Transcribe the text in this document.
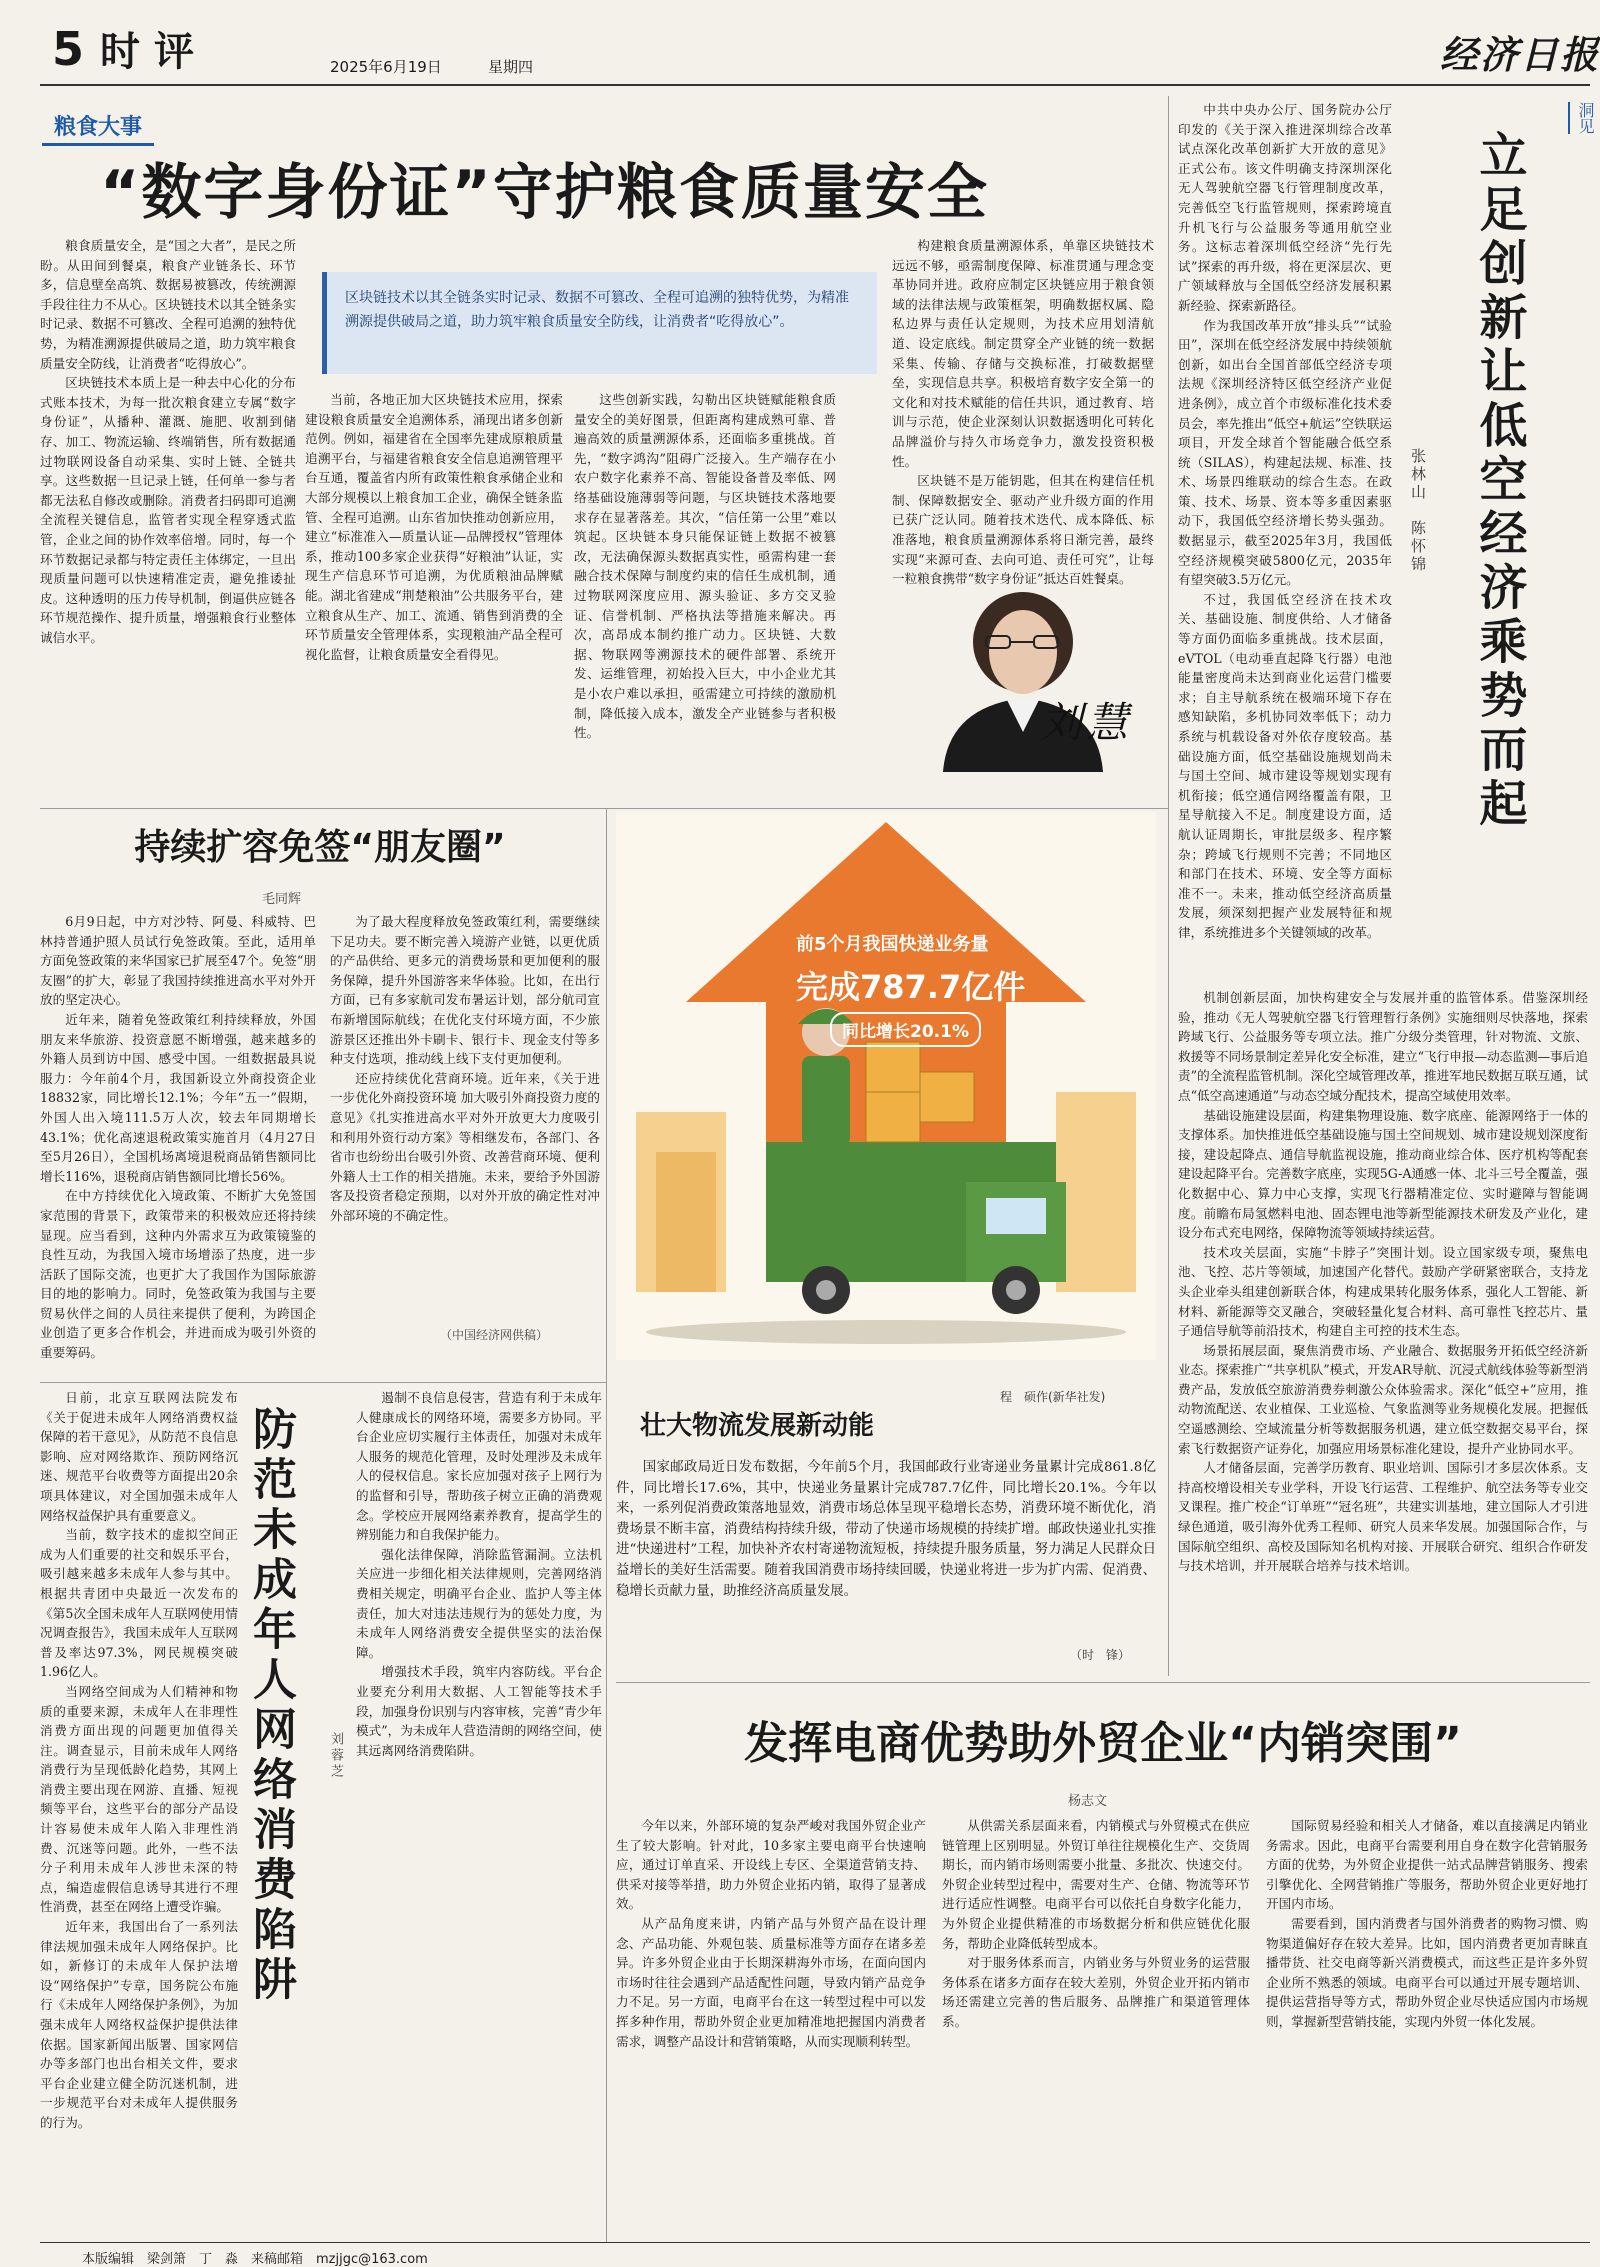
5 时评	2025年6月19日	星期四	经济日报
粮食大事
“数字身份证”守护粮食质量安全
区块链技术以其全链条实时记录、数据不可篡改、全程可追溯的独特优势，为精准溯源提供破局之道，助力筑牢粮食质量安全防线，让消费者“吃得放心”。

粮食质量安全，是“国之大者”，是民之所盼。从田间到餐桌，粮食产业链条长、环节多，信息壁垒高筑、数据易被篡改，传统溯源手段往往力不从心。区块链技术以其全链条实时记录、数据不可篡改、全程可追溯的独特优势，为精准溯源提供破局之道，助力筑牢粮食质量安全防线，让消费者“吃得放心”。

区块链技术本质上是一种去中心化的分布式账本技术，为每一批次粮食建立专属“数字身份证”，从播种、灌溉、施肥、收割到储存、加工、物流运输、终端销售，所有数据通过物联网设备自动采集、实时上链、全链共享。这些数据一旦记录上链，任何单一参与者都无法私自修改或删除。消费者扫码即可追溯全流程关键信息，监管者实现全程穿透式监管，企业之间的协作效率倍增。同时，每一个环节数据记录都与特定责任主体绑定，一旦出现质量问题可以快速精准定责，避免推诿扯皮。这种透明的压力传导机制，倒逼供应链各环节规范操作、提升质量，增强粮食行业整体诚信水平。

当前，各地正加大区块链技术应用，探索建设粮食质量安全追溯体系，涌现出诸多创新范例。例如，福建省在全国率先建成原粮质量追溯平台，与福建省粮食安全信息追溯管理平台互通，覆盖省内所有政策性粮食承储企业和大部分规模以上粮食加工企业，确保全链条监管、全程可追溯。山东省加快推动创新应用，建立“标准准入—质量认证—品牌授权”管理体系，推动100多家企业获得“好粮油”认证，实现生产信息环节可追溯，为优质粮油品牌赋能。湖北省建成“荆楚粮油”公共服务平台，建立粮食从生产、加工、流通、销售到消费的全环节质量安全管理体系，实现粮油产品全程可视化监督，让粮食质量安全看得见。

这些创新实践，勾勒出区块链赋能粮食质量安全的美好图景，但距离构建成熟可靠、普遍高效的质量溯源体系，还面临多重挑战。首先，“数字鸿沟”阻碍广泛接入。生产端存在小农户数字化素养不高、智能设备普及率低、网络基础设施薄弱等问题，与区块链技术落地要求存在显著落差。其次，“信任第一公里”难以筑起。区块链本身只能保证链上数据不被篡改，无法确保源头数据真实性，亟需构建一套融合技术保障与制度约束的信任生成机制，通过物联网深度应用、源头验证、多方交叉验证、信誉机制、严格执法等措施来解决。再次，高昂成本制约推广动力。区块链、大数据、物联网等溯源技术的硬件部署、系统开发、运维管理，初始投入巨大，中小企业尤其是小农户难以承担，亟需建立可持续的激励机制，降低接入成本，激发全产业链参与者积极性。

构建粮食质量溯源体系，单靠区块链技术远远不够，亟需制度保障、标准贯通与理念变革协同并进。政府应制定区块链应用于粮食领域的法律法规与政策框架，明确数据权属、隐私边界与责任认定规则，为技术应用划清航道、设定底线。制定贯穿全产业链的统一数据采集、传输、存储与交换标准，打破数据壁垒，实现信息共享。积极培育数字安全第一的文化和对技术赋能的信任共识，通过教育、培训与示范，使企业深刻认识数据透明化可转化品牌溢价与持久市场竞争力，激发投资积极性。

区块链不是万能钥匙，但其在构建信任机制、保障数据安全、驱动产业升级方面的作用已获广泛认同。随着技术迭代、成本降低、标准落地，粮食质量溯源体系将日渐完善，最终实现“来源可查、去向可追、责任可究”，让每一粒粮食携带“数字身份证”抵达百姓餐桌。

刘慧

中共中央办公厅、国务院办公厅印发的《关于深入推进深圳综合改革试点深化改革创新扩大开放的意见》正式公布。该文件明确支持深圳深化无人驾驶航空器飞行管理制度改革，完善低空飞行监管规则，探索跨境直升机飞行与公益服务等通用航空业务。这标志着深圳低空经济“先行先试”探索的再升级，将在更深层次、更广领域释放与全国低空经济发展积累新经验、探索新路径。

作为我国改革开放“排头兵”“试验田”，深圳在低空经济发展中持续领航创新，如出台全国首部低空经济专项法规《深圳经济特区低空经济产业促进条例》，成立首个市级标准化技术委员会，率先推出“低空+航运”空铁联运项目，开发全球首个智能融合低空系统（SILAS），构建起法规、标准、技术、场景四维联动的综合生态。在政策、技术、场景、资本等多重因素驱动下，我国低空经济增长势头强劲。数据显示，截至2025年3月，我国低空经济规模突破5800亿元，2035年有望突破3.5万亿元。

不过，我国低空经济在技术攻关、基础设施、制度供给、人才储备等方面仍面临多重挑战。技术层面，eVTOL（电动垂直起降飞行器）电池能量密度尚未达到商业化运营门槛要求；自主导航系统在极端环境下存在感知缺陷，多机协同效率低下；动力系统与机载设备对外依存度较高。基础设施方面，低空基础设施规划尚未与国土空间、城市建设等规划实现有机衔接；低空通信网络覆盖有限，卫星导航接入不足。制度建设方面，适航认证周期长，审批层级多、程序繁杂；跨域飞行规则不完善；不同地区和部门在技术、环境、安全等方面标准不一。未来，推动低空经济高质量发展，须深刻把握产业发展特征和规律，系统推进多个关键领域的改革。

洞见
立足创新让低空经济乘势而起
张林山　陈怀锦

机制创新层面，加快构建安全与发展并重的监管体系。借鉴深圳经验，推动《无人驾驶航空器飞行管理暂行条例》实施细则尽快落地，探索跨域飞行、公益服务等专项立法。推广分级分类管理，针对物流、文旅、救援等不同场景制定差异化安全标准，建立“飞行申报—动态监测—事后追责”的全流程监管机制。深化空域管理改革，推进军地民数据互联互通，试点“低空高速通道”与动态空域分配技术，提高空域使用效率。

基础设施建设层面，构建集物理设施、数字底座、能源网络于一体的支撑体系。加快推进低空基础设施与国土空间规划、城市建设规划深度衔接，建设起降点、通信导航监视设施，推动商业综合体、医疗机构等配套建设起降平台。完善数字底座，实现5G-A通感一体、北斗三号全覆盖，强化数据中心、算力中心支撑，实现飞行器精准定位、实时避障与智能调度。前瞻布局氢燃料电池、固态锂电池等新型能源技术研发及产业化，建设分布式充电网络，保障物流等领域持续运营。

技术攻关层面，实施“卡脖子”突围计划。设立国家级专项，聚焦电池、飞控、芯片等领域，加速国产化替代。鼓励产学研紧密联合，支持龙头企业牵头组建创新联合体，构建成果转化服务体系，强化人工智能、新材料、新能源等交叉融合，突破轻量化复合材料、高可靠性飞控芯片、量子通信导航等前沿技术，构建自主可控的技术生态。

场景拓展层面，聚焦消费市场、产业融合、数据服务开拓低空经济新业态。探索推广“共享机队”模式，开发AR导航、沉浸式航线体验等新型消费产品，发放低空旅游消费券刺激公众体验需求。深化“低空+”应用，推动物流配送、农业植保、工业巡检、气象监测等业务规模化发展。把握低空遥感测绘、空域流量分析等数据服务机遇，建立低空数据交易平台，探索飞行数据资产证券化，加强应用场景标准化建设，提升产业协同水平。

人才储备层面，完善学历教育、职业培训、国际引才多层次体系。支持高校增设相关专业学科，开设飞行运营、工程维护、航空法务等专业交叉课程。推广校企“订单班”“冠名班”，共建实训基地，建立国际人才引进绿色通道，吸引海外优秀工程师、研究人员来华发展。加强国际合作，与国际航空组织、高校及国际知名机构对接、开展联合研究、组织合作研发与技术培训，并开展联合培养与技术培训。

持续扩容免签“朋友圈”
毛同辉

6月9日起，中方对沙特、阿曼、科威特、巴林持普通护照人员试行免签政策。至此，适用单方面免签政策的来华国家已扩展至47个。免签“朋友圈”的扩大，彰显了我国持续推进高水平对外开放的坚定决心。

近年来，随着免签政策红利持续释放，外国朋友来华旅游、投资意愿不断增强，越来越多的外籍人员到访中国、感受中国。一组数据最具说服力：今年前4个月，我国新设立外商投资企业18832家，同比增长12.1%；今年“五一”假期，外国人出入境111.5万人次，较去年同期增长43.1%；优化高速退税政策实施首月（4月27日至5月26日），全国机场离境退税商品销售额同比增长116%，退税商店销售额同比增长56%。

在中方持续优化入境政策、不断扩大免签国家范围的背景下，政策带来的积极效应还将持续显现。应当看到，这种内外需求互为政策镜鉴的良性互动，为我国入境市场增添了热度，进一步活跃了国际交流，也更扩大了我国作为国际旅游目的地的影响力。同时，免签政策为我国与主要贸易伙伴之间的人员往来提供了便利，为跨国企业创造了更多合作机会，并进而成为吸引外资的重要筹码。

为了最大程度释放免签政策红利，需要继续下足功夫。要不断完善入境游产业链，以更优质的产品供给、更多元的消费场景和更加便利的服务保障，提升外国游客来华体验。比如，在出行方面，已有多家航司发布暑运计划，部分航司宣布新增国际航线；在优化支付环境方面，不少旅游景区还推出外卡刷卡、银行卡、现金支付等多种支付选项，推动线上线下支付更加便利。

还应持续优化营商环境。近年来，《关于进一步优化外商投资环境 加大吸引外商投资力度的意见》《扎实推进高水平对外开放更大力度吸引和利用外资行动方案》等相继发布，各部门、各省市也纷纷出台吸引外资、改善营商环境、便利外籍人士工作的相关措施。未来，要给予外国游客及投资者稳定预期，以对外开放的确定性对冲外部环境的不确定性。

（中国经济网供稿）
前5个月我国快递业务量
完成787.7亿件
同比增长20.1%
程　硕作(新华社发)
壮大物流发展新动能

国家邮政局近日发布数据，今年前5个月，我国邮政行业寄递业务量累计完成861.8亿件，同比增长17.6%，其中，快递业务量累计完成787.7亿件，同比增长20.1%。今年以来，一系列促消费政策落地显效，消费市场总体呈现平稳增长态势，消费环境不断优化，消费场景不断丰富，消费结构持续升级，带动了快递市场规模的持续扩增。邮政快递业扎实推进“快递进村”工程，加快补齐农村寄递物流短板，持续提升服务质量，努力满足人民群众日益增长的美好生活需要。随着我国消费市场持续回暖，快递业将进一步为扩内需、促消费、稳增长贡献力量，助推经济高质量发展。

（时　锋）

日前，北京互联网法院发布《关于促进未成年人网络消费权益保障的若干意见》，从防范不良信息影响、应对网络欺诈、预防网络沉迷、规范平台收费等方面提出20余项具体建议，对全国加强未成年人网络权益保护具有重要意义。

当前，数字技术的虚拟空间正成为人们重要的社交和娱乐平台，吸引越来越多未成年人参与其中。根据共青团中央最近一次发布的《第5次全国未成年人互联网使用情况调查报告》，我国未成年人互联网普及率达97.3%，网民规模突破1.96亿人。

当网络空间成为人们精神和物质的重要来源，未成年人在非理性消费方面出现的问题更加值得关注。调查显示，目前未成年人网络消费行为呈现低龄化趋势，其网上消费主要出现在网游、直播、短视频等平台，这些平台的部分产品设计容易使未成年人陷入非理性消费、沉迷等问题。此外，一些不法分子利用未成年人涉世未深的特点，编造虚假信息诱导其进行不理性消费，甚至在网络上遭受诈骗。

近年来，我国出台了一系列法律法规加强未成年人网络保护。比如，新修订的未成年人保护法增设“网络保护”专章，国务院公布施行《未成年人网络保护条例》，为加强未成年人网络权益保护提供法律依据。国家新闻出版署、国家网信办等多部门也出台相关文件，要求平台企业建立健全防沉迷机制，进一步规范平台对未成年人提供服务的行为。

防范未成年人网络消费陷阱	刘蓉芝

遏制不良信息侵害，营造有利于未成年人健康成长的网络环境，需要多方协同。平台企业应切实履行主体责任，加强对未成年人服务的规范化管理，及时处理涉及未成年人的侵权信息。家长应加强对孩子上网行为的监督和引导，帮助孩子树立正确的消费观念。学校应开展网络素养教育，提高学生的辨别能力和自我保护能力。

强化法律保障，消除监管漏洞。立法机关应进一步细化相关法律规则，完善网络消费相关规定，明确平台企业、监护人等主体责任，加大对违法违规行为的惩处力度，为未成年人网络消费安全提供坚实的法治保障。

增强技术手段，筑牢内容防线。平台企业要充分利用大数据、人工智能等技术手段，加强身份识别与内容审核，完善“青少年模式”，为未成年人营造清朗的网络空间，使其远离网络消费陷阱。	发挥电商优势助外贸企业“内销突围”
杨志文

今年以来，外部环境的复杂严峻对我国外贸企业产生了较大影响。针对此，10多家主要电商平台快速响应，通过订单直采、开设线上专区、全渠道营销支持、供采对接等举措，助力外贸企业拓内销，取得了显著成效。

从产品角度来讲，内销产品与外贸产品在设计理念、产品功能、外观包装、质量标准等方面存在诸多差异。许多外贸企业由于长期深耕海外市场，在面向国内市场时往往会遇到产品适配性问题，导致内销产品竞争力不足。另一方面，电商平台在这一转型过程中可以发挥多种作用，帮助外贸企业更加精准地把握国内消费者需求，调整产品设计和营销策略，从而实现顺利转型。

从供需关系层面来看，内销模式与外贸模式在供应链管理上区别明显。外贸订单往往规模化生产、交货周期长，而内销市场则需要小批量、多批次、快速交付。外贸企业转型过程中，需要对生产、仓储、物流等环节进行适应性调整。电商平台可以依托自身数字化能力，为外贸企业提供精准的市场数据分析和供应链优化服务，帮助企业降低转型成本。

对于服务体系而言，内销业务与外贸业务的运营服务体系在诸多方面存在较大差别，外贸企业开拓内销市场还需建立完善的售后服务、品牌推广和渠道管理体系。

国际贸易经验和相关人才储备，难以直接满足内销业务需求。因此，电商平台需要利用自身在数字化营销服务方面的优势，为外贸企业提供一站式品牌营销服务、搜索引擎优化、全网营销推广等服务，帮助外贸企业更好地打开国内市场。

需要看到，国内消费者与国外消费者的购物习惯、购物渠道偏好存在较大差异。比如，国内消费者更加青睐直播带货、社交电商等新兴消费模式，而这些正是许多外贸企业所不熟悉的领域。电商平台可以通过开展专题培训、提供运营指导等方式，帮助外贸企业尽快适应国内市场规则，掌握新型营销技能，实现内外贸一体化发展。

本版编辑　梁剑箫　丁　淼　来稿邮箱　mzjjgc@163.com
